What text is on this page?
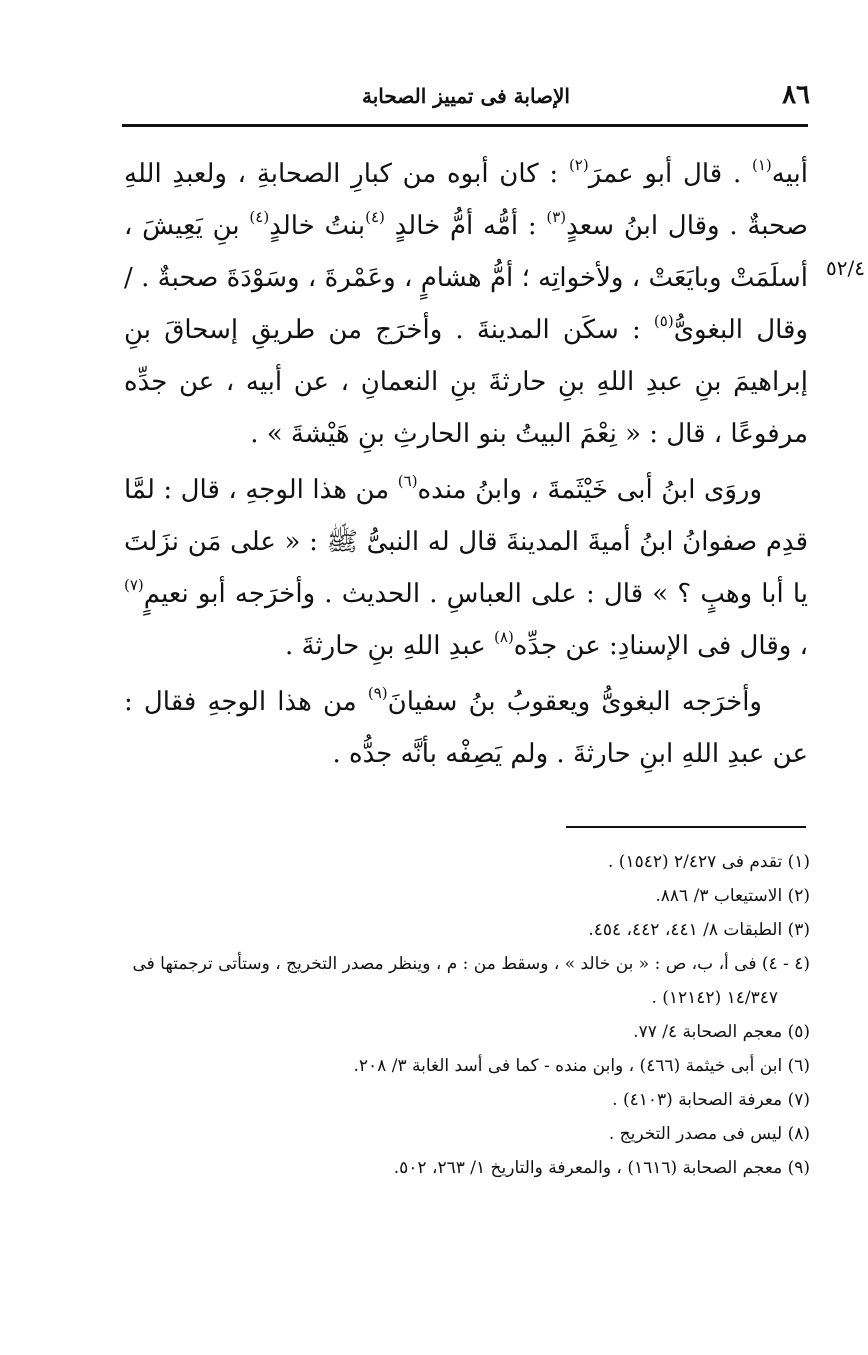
٨٦
الإصابة فى تمييز الصحابة
٥٢/٤

أبيه$^{(١)}$ . قال أبو عمرَ$^{(٢)}$ : كان أبوه من كبارِ الصحابةِ ، ولعبدِ اللهِ صحبةٌ . وقال ابنُ سعدٍ$^{(٣)}$ : أمُّه أمُّ خالدٍ $^{(٤)}$بنتُ خالدٍ$^{(٤)}$ بنِ يَعِيشَ ، أسلَمَتْ وبايَعَتْ ، ولأخواتِه ؛ أمُّ هشامٍ ، وعَمْرةَ ، وسَوْدَةَ صحبةٌ . / وقال البغوىُّ$^{(٥)}$ : سكَن المدينةَ . وأخرَج من طريقِ إسحاقَ بنِ إبراهيمَ بنِ عبدِ اللهِ بنِ حارثةَ بنِ النعمانِ ، عن أبيه ، عن جدِّه مرفوعًا ، قال : « نِعْمَ البيتُ بنو الحارثِ بنِ هَيْشةَ » .

وروَى ابنُ أبى خَيْثَمةَ ، وابنُ منده$^{(٦)}$ من هذا الوجهِ ، قال : لمَّا قدِم صفوانُ ابنُ أميةَ المدينةَ قال له النبىُّ ﷺ : « على مَن نزَلتَ يا أبا وهبٍ ؟ » قال : على العباسِ . الحديث . وأخرَجه أبو نعيمٍ$^{(٧)}$ ، وقال فى الإسنادِ: عن جدِّه$^{(٨)}$ عبدِ اللهِ بنِ حارثةَ .

وأخرَجه البغوىُّ ويعقوبُ بنُ سفيانَ$^{(٩)}$ من هذا الوجهِ فقال : عن عبدِ اللهِ ابنِ حارثةَ . ولم يَصِفْه بأنَّه جدُّه .

(١) تقدم فى ٢/٤٢٧ (١٥٤٢) .

(٢) الاستيعاب ٣/ ٨٨٦.

(٣) الطبقات ٨/ ٤٤١، ٤٤٢، ٤٥٤.

(٤ - ٤) فى أ، ب، ص : « بن خالد » ، وسقط من : م ، وينظر مصدر التخريج ، وستأتى ترجمتها فى

١٤/٣٤٧ (١٢١٤٢) .

(٥) معجم الصحابة ٤/ ٧٧.

(٦) ابن أبى خيثمة (٤٦٦) ، وابن منده - كما فى أسد الغابة ٣/ ٢٠٨.

(٧) معرفة الصحابة (٤١٠٣) .

(٨) ليس فى مصدر التخريج .

(٩) معجم الصحابة (١٦١٦) ، والمعرفة والتاريخ ١/ ٢٦٣، ٥٠٢.
